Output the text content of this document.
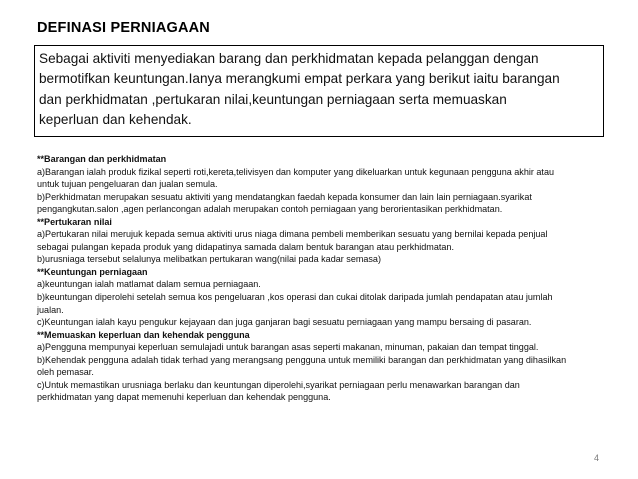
DEFINASI PERNIAGAAN
Sebagai aktiviti menyediakan barang dan perkhidmatan kepada pelanggan dengan
bermotifkan keuntungan.Ianya merangkumi empat perkara yang berikut iaitu barangan
dan perkhidmatan ,pertukaran nilai,keuntungan perniagaan serta memuaskan
keperluan dan kehendak.
**Barangan dan perkhidmatan
a)Barangan ialah produk fizikal seperti roti,kereta,telivisyen dan komputer yang dikeluarkan untuk kegunaan pengguna akhir atau
untuk tujuan pengeluaran dan jualan semula.
b)Perkhidmatan merupakan sesuatu aktiviti yang mendatangkan faedah kepada konsumer dan lain lain perniagaan.syarikat
pengangkutan.salon ,agen perlancongan adalah merupakan contoh perniagaan yang berorientasikan perkhidmatan.
**Pertukaran nilai
a)Pertukaran nilai merujuk kepada semua aktiviti urus niaga dimana pembeli memberikan sesuatu yang bernilai kepada penjual
sebagai pulangan kepada produk yang didapatinya samada dalam bentuk barangan atau perkhidmatan.
b)urusniaga tersebut selalunya melibatkan pertukaran wang(nilai pada kadar semasa)
**Keuntungan perniagaan
a)keuntungan ialah matlamat dalam semua perniagaan.
b)keuntungan diperolehi setelah semua kos pengeluaran ,kos operasi dan cukai ditolak daripada jumlah pendapatan atau jumlah
jualan.
c)Keuntungan ialah kayu pengukur kejayaan dan juga ganjaran bagi sesuatu perniagaan yang mampu bersaing di pasaran.
**Memuaskan keperluan dan kehendak pengguna
a)Pengguna mempunyai keperluan semulajadi untuk barangan asas seperti makanan, minuman, pakaian dan tempat tinggal.
b)Kehendak pengguna adalah tidak terhad yang merangsang pengguna untuk memiliki barangan dan perkhidmatan yang dihasilkan
oleh pemasar.
c)Untuk memastikan urusniaga berlaku dan keuntungan diperolehi,syarikat perniagaan perlu menawarkan barangan dan
perkhidmatan yang dapat memenuhi keperluan dan kehendak pengguna.
4
